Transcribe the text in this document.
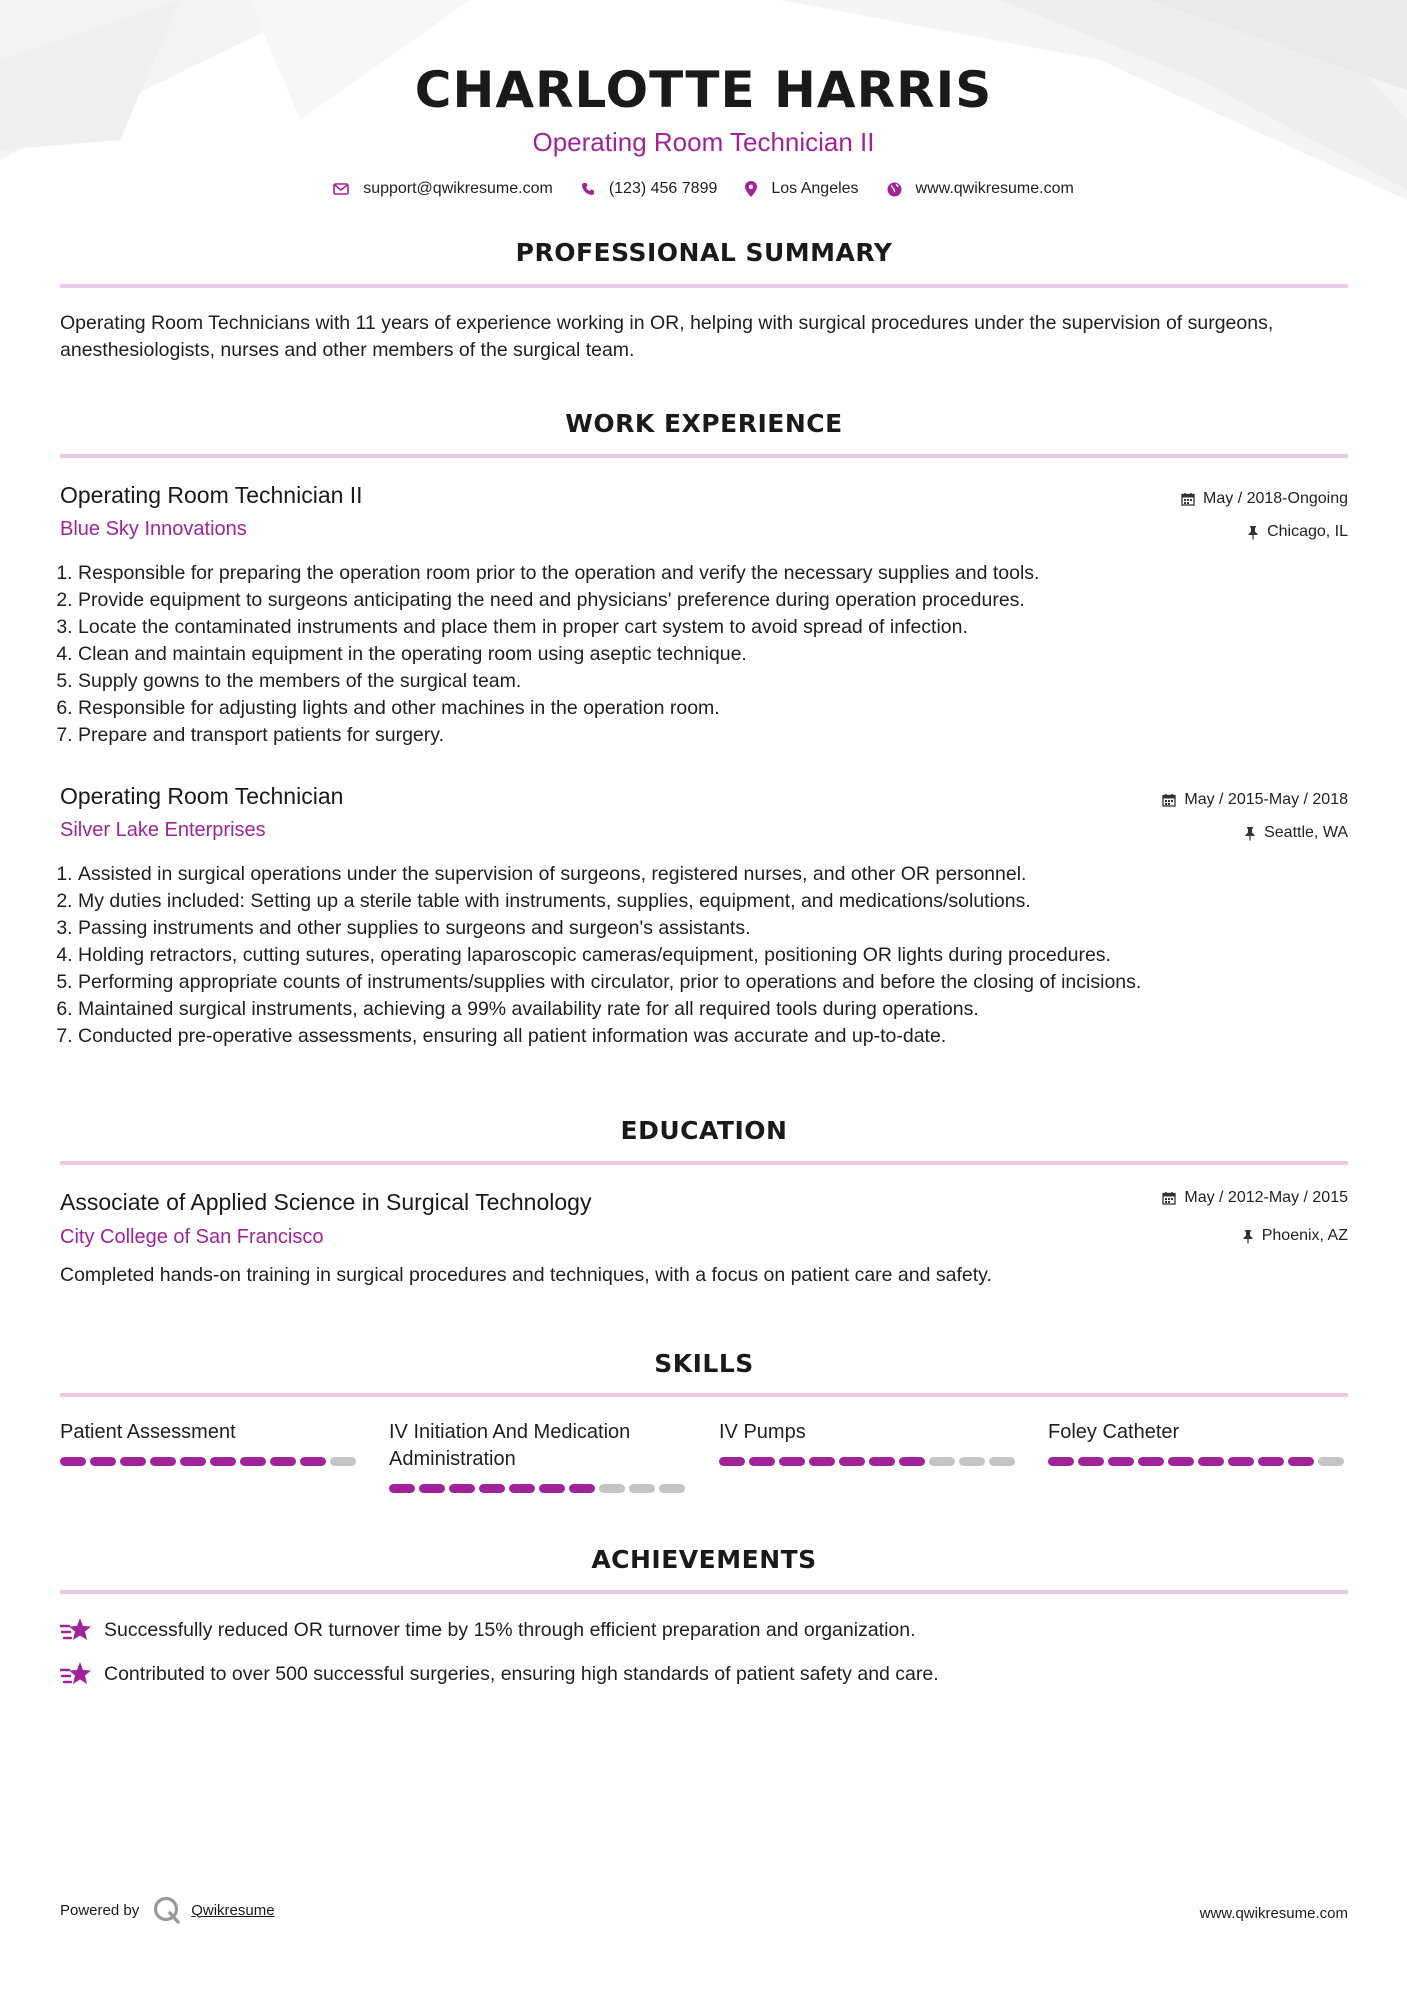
CHARLOTTE HARRIS
Operating Room Technician II
support@qwikresume.com	(123) 456 7899	Los Angeles	www.qwikresume.com
PROFESSIONAL SUMMARY
Operating Room Technicians with 11 years of experience working in OR, helping with surgical procedures under the supervision of surgeons, anesthesiologists, nurses and other members of the surgical team.
WORK EXPERIENCE
Operating Room Technician II
Blue Sky Innovations
May / 2018-Ongoing
Chicago, IL
1. Responsible for preparing the operation room prior to the operation and verify the necessary supplies and tools.
2. Provide equipment to surgeons anticipating the need and physicians' preference during operation procedures.
3. Locate the contaminated instruments and place them in proper cart system to avoid spread of infection.
4. Clean and maintain equipment in the operating room using aseptic technique.
5. Supply gowns to the members of the surgical team.
6. Responsible for adjusting lights and other machines in the operation room.
7. Prepare and transport patients for surgery.
Operating Room Technician
Silver Lake Enterprises
May / 2015-May / 2018
Seattle, WA
1. Assisted in surgical operations under the supervision of surgeons, registered nurses, and other OR personnel.
2. My duties included: Setting up a sterile table with instruments, supplies, equipment, and medications/solutions.
3. Passing instruments and other supplies to surgeons and surgeon's assistants.
4. Holding retractors, cutting sutures, operating laparoscopic cameras/equipment, positioning OR lights during procedures.
5. Performing appropriate counts of instruments/supplies with circulator, prior to operations and before the closing of incisions.
6. Maintained surgical instruments, achieving a 99% availability rate for all required tools during operations.
7. Conducted pre-operative assessments, ensuring all patient information was accurate and up-to-date.
EDUCATION
Associate of Applied Science in Surgical Technology
City College of San Francisco
May / 2012-May / 2015
Phoenix, AZ
Completed hands-on training in surgical procedures and techniques, with a focus on patient care and safety.
SKILLS
Patient Assessment	IV Initiation And Medication Administration
IV Pumps	Foley Catheter
ACHIEVEMENTS
Successfully reduced OR turnover time by 15% through efficient preparation and organization.
Contributed to over 500 successful surgeries, ensuring high standards of patient safety and care.
Powered by	Qwikresume	www.qwikresume.com
